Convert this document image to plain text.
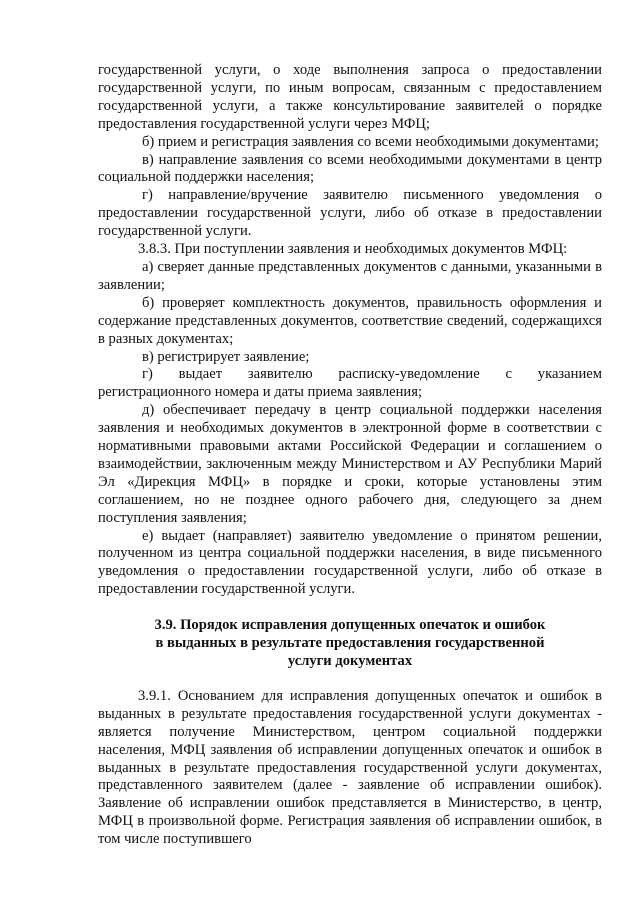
государственной услуги, о ходе выполнения запроса о предоставлении государственной услуги, по иным вопросам, связанным с предоставлением государственной услуги, а также консультирование заявителей о порядке предоставления государственной услуги через МФЦ;

б) прием и регистрация заявления со всеми необходимыми документами;

в) направление заявления со всеми необходимыми документами в центр социальной поддержки населения;

г) направление/вручение заявителю письменного уведомления о предоставлении государственной услуги, либо об отказе в предоставлении государственной услуги.

3.8.3. При поступлении заявления и необходимых документов МФЦ:

а) сверяет данные представленных документов с данными, указанными в заявлении;

б) проверяет комплектность документов, правильность оформления и содержание представленных документов, соответствие сведений, содержащихся в разных документах;

в) регистрирует заявление;

г) выдает заявителю расписку-уведомление с указанием регистрационного номера и даты приема заявления;

д) обеспечивает передачу в центр социальной поддержки населения заявления и необходимых документов в электронной форме в соответствии с нормативными правовыми актами Российской Федерации и соглашением о взаимодействии, заключенным между Министерством и АУ Республики Марий Эл «Дирекция МФЦ» в порядке и сроки, которые установлены этим соглашением, но не позднее одного рабочего дня, следующего за днем поступления заявления;

е) выдает (направляет) заявителю уведомление о принятом решении, полученном из центра социальной поддержки населения, в виде письменного уведомления о предоставлении государственной услуги, либо об отказе в предоставлении государственной услуги.

3.9. Порядок исправления допущенных опечаток и ошибок

в выданных в результате предоставления государственной

услуги документах

3.9.1. Основанием для исправления допущенных опечаток и ошибок в выданных в результате предоставления государственной услуги документах - является получение Министерством, центром социальной поддержки населения, МФЦ заявления об исправлении допущенных опечаток и ошибок в выданных в результате предоставления государственной услуги документах, представленного заявителем (далее - заявление об исправлении ошибок). Заявление об исправлении ошибок представляется в Министерство, в центр, МФЦ в произвольной форме. Регистрация заявления об исправлении ошибок, в том числе поступившего
